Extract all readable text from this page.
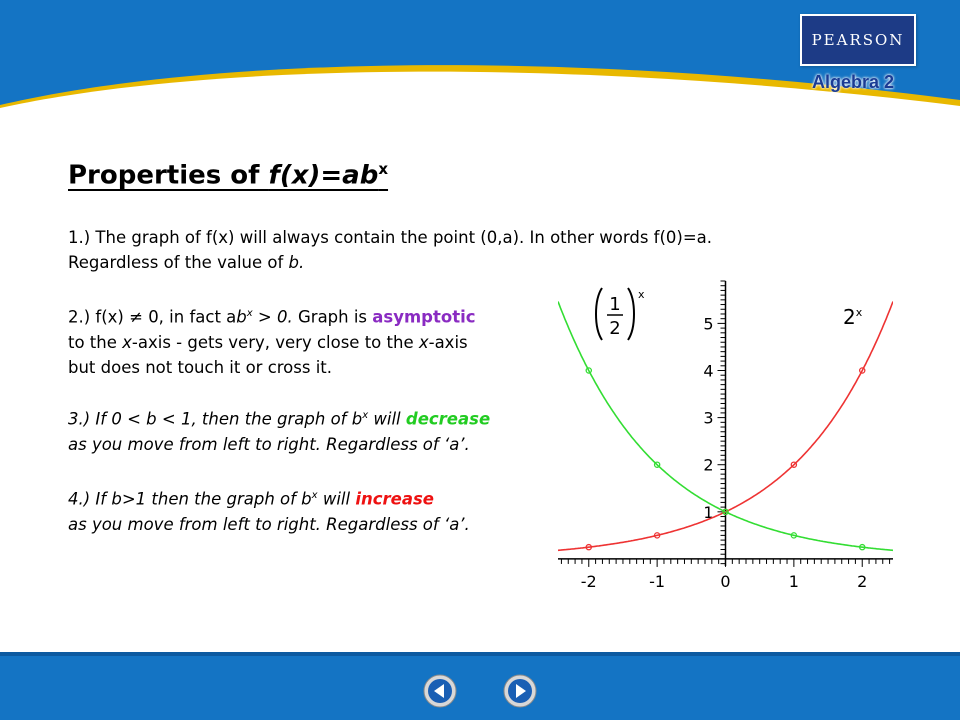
PEARSON
Algebra 2
Properties of $f(x)=ab^x$
1.) The graph of f(x) will always contain the point (0,a). In other words f(0)=a.
Regardless of the value of b.
2.) f(x) ≠ 0, in fact $ab^x > 0$. Graph is asymptotic
to the x-axis - gets very, very close to the x-axis
but does not touch it or cross it.
3.) If 0 < b < 1, then the graph of $b^x$ will decrease
as you move from left to right. Regardless of ‘a’.
4.) If b>1 then the graph of $b^x$ will increase
as you move from left to right. Regardless of ‘a’.
-2	-1	0	1	2
1
2
3
4
5	2$^x$
1
2
x
